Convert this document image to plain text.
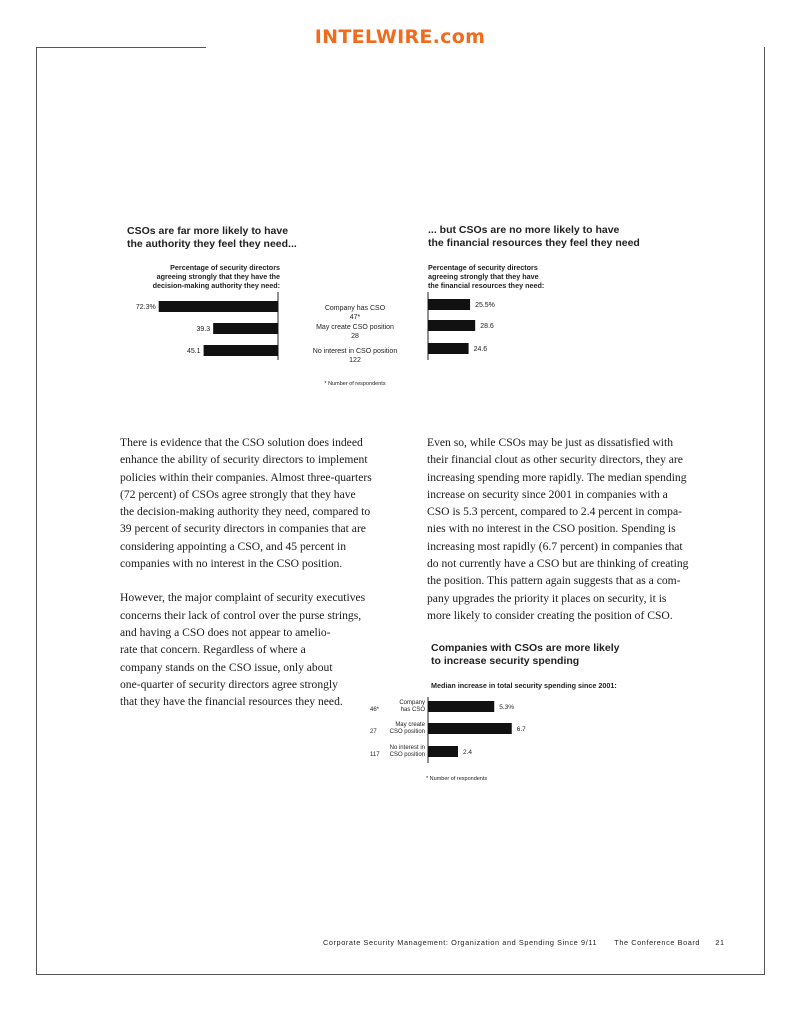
INTELWIRE.com
CSOs are far more likely to have
the authority they feel they need...
Percentage of security directors
agreeing strongly that they have the
decision-making authority they need:
... but CSOs are no more likely to have
the financial resources they feel they need
Percentage of security directors
agreeing strongly that they have
the financial resources they need:
Company has CSO
47*
May create CSO position
28
No interest in CSO position
122
* Number of respondents
72.3%
39.3
45.1
25.5%
28.6
24.6

There is evidence that the CSO solution does indeed
enhance the ability of security directors to implement
policies within their companies. Almost three-quarters
(72 percent) of CSOs agree strongly that they have
the decision-making authority they need, compared to
39 percent of security directors in companies that are
considering appointing a CSO, and 45 percent in
companies with no interest in the CSO position.

However, the major complaint of security executives
concerns their lack of control over the purse strings,
and having a CSO does not appear to amelio-
rate that concern. Regardless of where a
company stands on the CSO issue, only about
one-quarter of security directors agree strongly
that they have the financial resources they need.

Even so, while CSOs may be just as dissatisfied with
their financial clout as other security directors, they are
increasing spending more rapidly. The median spending
increase on security since 2001 in companies with a
CSO is 5.3 percent, compared to 2.4 percent in compa-
nies with no interest in the CSO position. Spending is
increasing most rapidly (6.7 percent) in companies that
do not currently have a CSO but are thinking of creating
the position. This pattern again suggests that as a com-
pany upgrades the priority it places on security, it is
more likely to consider creating the position of CSO.

Companies with CSOs are more likely
to increase security spending
Median increase in total security spending since 2001:
5.3%
Company
has CSO
46*
6.7
May create
CSO position
27
2.4
No interest in
CSO position
117
* Number of respondents
Corporate Security Management: Organization and Spending Since 9/11 The Conference Board 21
